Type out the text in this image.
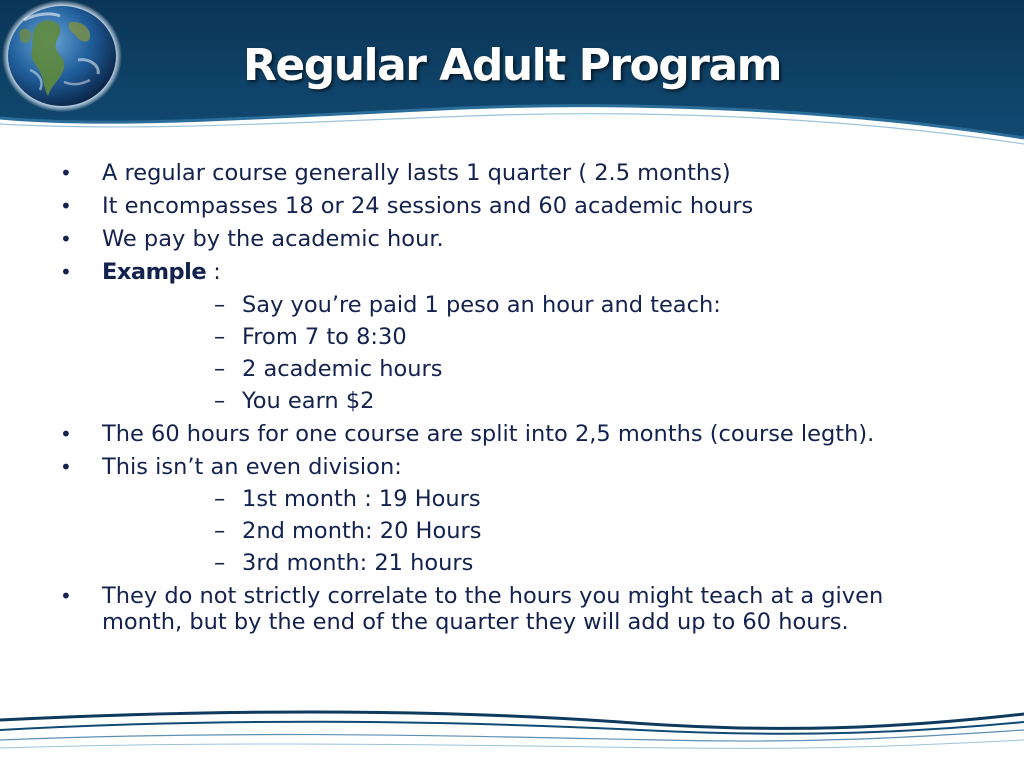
Regular Adult Program
• A regular course generally lasts 1 quarter ( 2.5 months)
• It encompasses 18 or 24 sessions and 60 academic hours
• We pay by the academic hour.
• Example :
– Say you’re paid 1 peso an hour and teach:
– From 7 to 8:30
– 2 academic hours
– You earn $2
• The 60 hours for one course are split into 2,5 months (course legth).
• This isn’t an even division:
– 1st month : 19 Hours
– 2nd month: 20 Hours
– 3rd month: 21 hours
• They do not strictly correlate to the hours you might teach at a given
month, but by the end of the quarter they will add up to 60 hours.
